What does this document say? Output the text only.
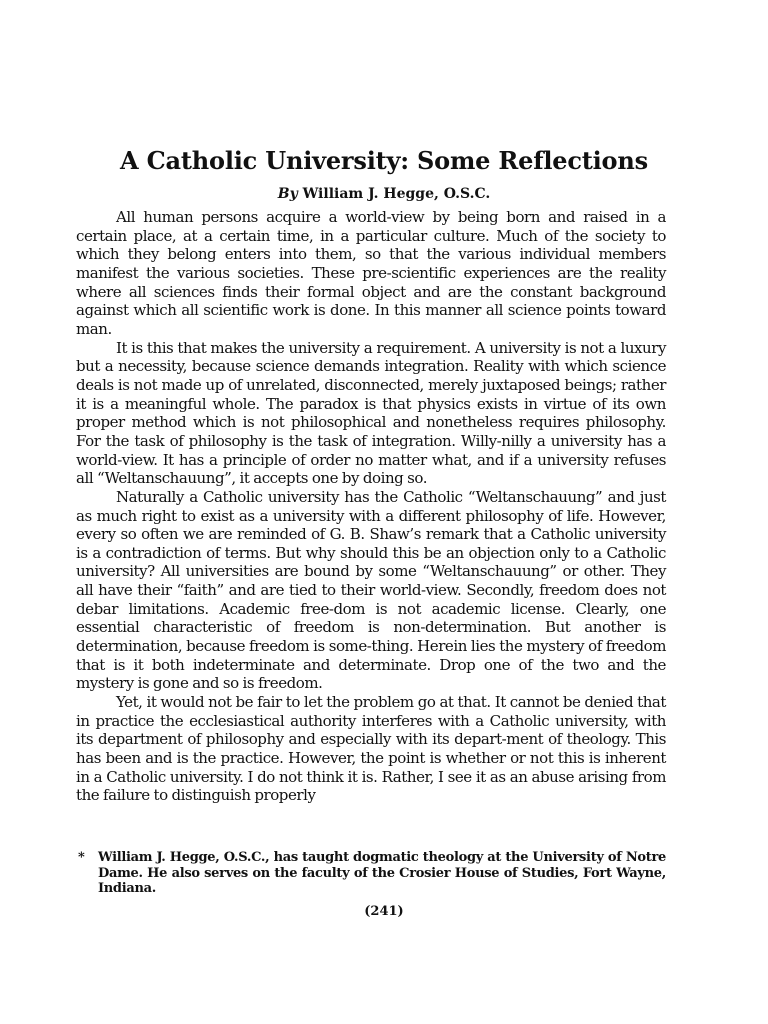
A Catholic University: Some Reflections
By William J. Hegge, O.S.C.

All human persons acquire a world-view by being born and raised in a certain place, at a certain time, in a particular culture. Much of the society to which they belong enters into them, so that the various individual members manifest the various societies. These pre-scientific experiences are the reality where all sciences finds their formal object and are the constant background against which all scientific work is done. In this manner all science points toward man.

It is this that makes the university a requirement. A university is not a luxury but a necessity, because science demands integration. Reality with which science deals is not made up of unrelated, disconnected, merely juxtaposed beings; rather it is a meaningful whole. The paradox is that physics exists in virtue of its own proper method which is not philosophical and nonetheless requires philosophy. For the task of philosophy is the task of integration. Willy-nilly a university has a world-view. It has a principle of order no matter what, and if a university refuses all “Weltanschauung”, it accepts one by doing so.

Naturally a Catholic university has the Catholic “Weltanschauung” and just as much right to exist as a university with a different philosophy of life. However, every so often we are reminded of G. B. Shaw’s remark that a Catholic university is a contradiction of terms. But why should this be an objection only to a Catholic university? All universities are bound by some “Weltanschauung” or other. They all have their “faith” and are tied to their world-view. Secondly, freedom does not debar limitations. Academic free-dom is not academic license. Clearly, one essential characteristic of freedom is non-determination. But another is determination, because freedom is some-thing. Herein lies the mystery of freedom that is it both indeterminate and determinate. Drop one of the two and the mystery is gone and so is freedom.

Yet, it would not be fair to let the problem go at that. It cannot be denied that in practice the ecclesiastical authority interferes with a Catholic university, with its department of philosophy and especially with its depart-ment of theology. This has been and is the practice. However, the point is whether or not this is inherent in a Catholic university. I do not think it is. Rather, I see it as an abuse arising from the failure to distinguish properly

*	William J. Hegge, O.S.C., has taught dogmatic theology at the University of Notre Dame. He also serves on the faculty of the Crosier House of Studies, Fort Wayne, Indiana.
(241)
